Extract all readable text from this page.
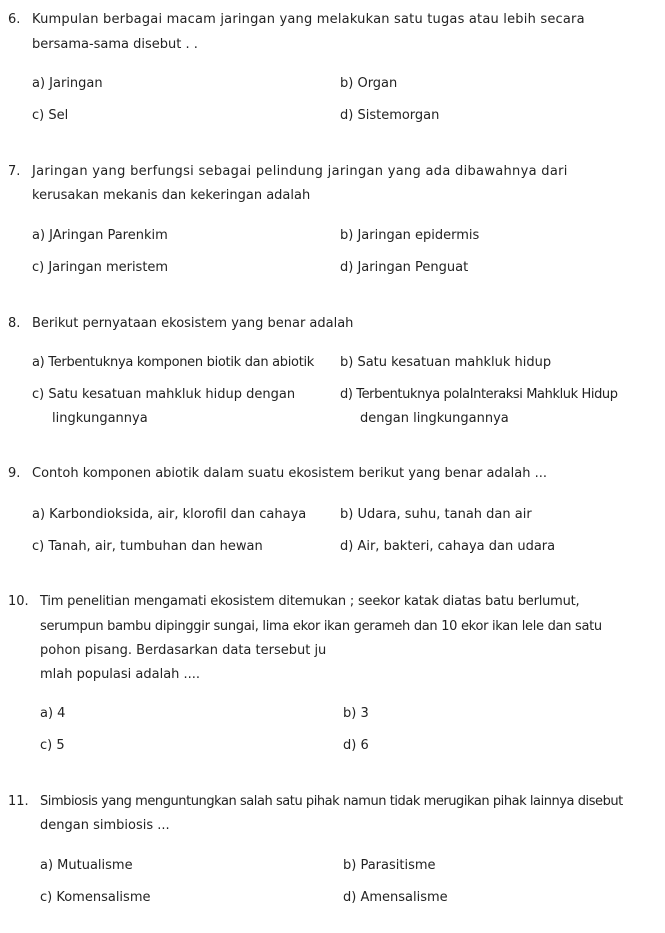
6. Kumpulan berbagai macam jaringan yang melakukan satu tugas atau lebih secara
bersama-sama disebut . .
a) Jaringan	b) Organ
c) Sel	d) Sistemorgan
7. Jaringan yang berfungsi sebagai pelindung jaringan yang ada dibawahnya dari
kerusakan mekanis dan kekeringan adalah
a) JAringan Parenkim	b) Jaringan epidermis
c) Jaringan meristem	d) Jaringan Penguat
8. Berikut pernyataan ekosistem yang benar adalah
a) Terbentuknya komponen biotik dan abiotik b) Satu kesatuan mahkluk hidup
c) Satu kesatuan mahkluk hidup dengan
lingkungannya
d) Terbentuknya polaInteraksi Mahkluk Hidup
dengan lingkungannya
9. Contoh komponen abiotik dalam suatu ekosistem berikut yang benar adalah ...
a) Karbondioksida, air, klorofil dan cahaya	b) Udara, suhu, tanah dan air
c) Tanah, air, tumbuhan dan hewan	d) Air, bakteri, cahaya dan udara
10. Tim penelitian mengamati ekosistem ditemukan ; seekor katak diatas batu berlumut,
serumpun bambu dipinggir sungai, lima ekor ikan gerameh dan 10 ekor ikan lele dan satu
pohon pisang. Berdasarkan data tersebut ju
mlah populasi adalah ....
a) 4	b) 3
c) 5	d) 6
11. Simbiosis yang menguntungkan salah satu pihak namun tidak merugikan pihak lainnya disebut
dengan simbiosis ...
a) Mutualisme	b) Parasitisme
c) Komensalisme	d) Amensalisme
